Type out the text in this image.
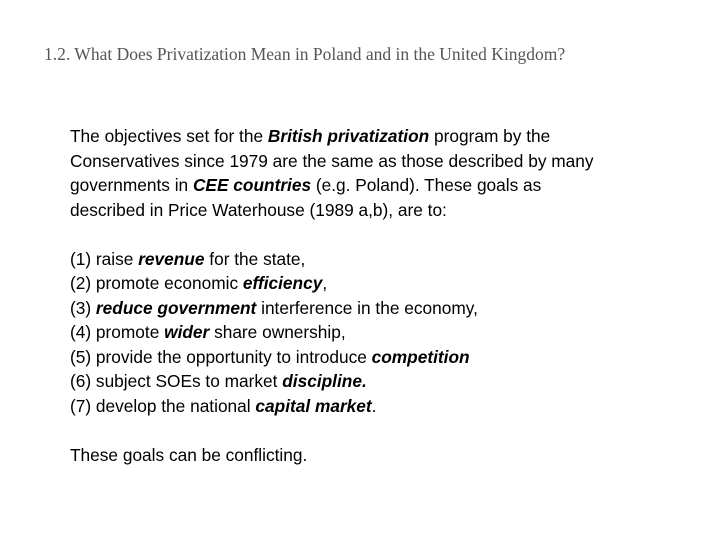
1.2. What Does Privatization Mean in Poland and in the United Kingdom?

The objectives set for the British privatization program by the
Conservatives since 1979 are the same as those described by many
governments in CEE countries (e.g. Poland). These goals as
described in Price Waterhouse (1989 a,b), are to:

(1) raise revenue for the state,
(2) promote economic efficiency,
(3) reduce government interference in the economy,
(4) promote wider share ownership,
(5) provide the opportunity to introduce competition
(6) subject SOEs to market discipline.
(7) develop the national capital market.

These goals can be conflicting.
